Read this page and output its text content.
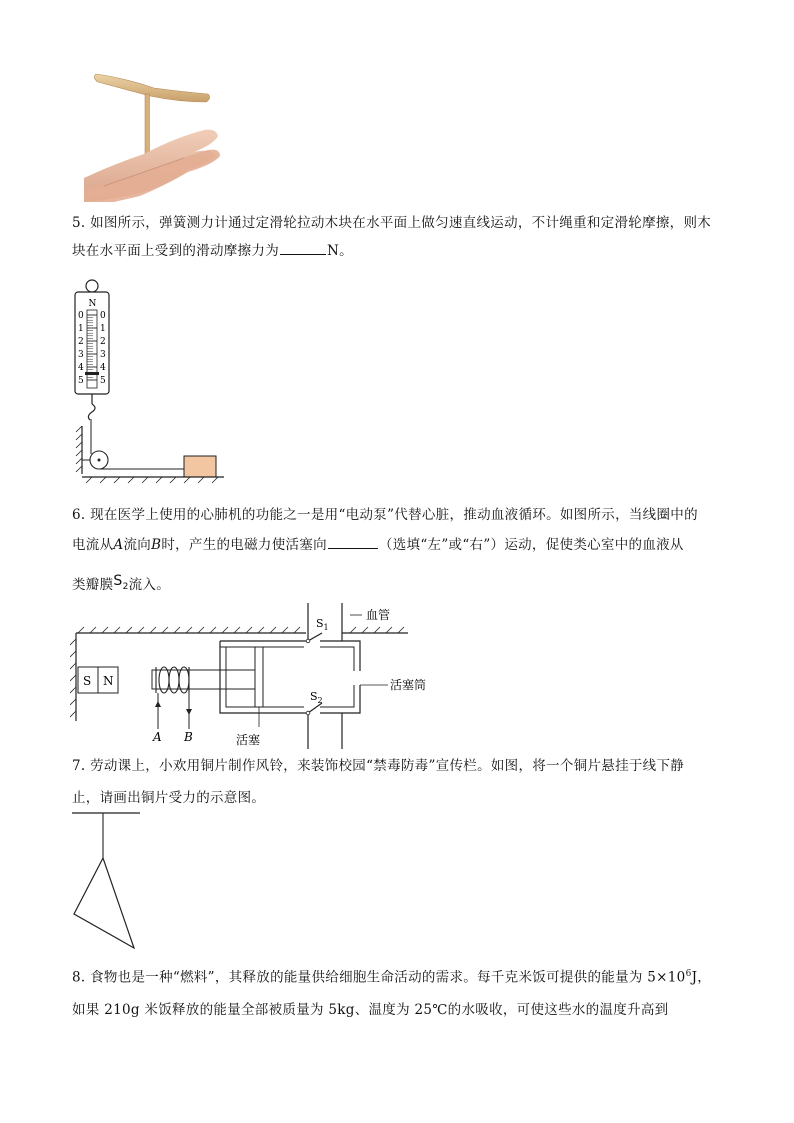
5. 如图所示，弹簧测力计通过定滑轮拉动木块在水平面上做匀速直线运动，不计绳重和定滑轮摩擦，则木块在水平面上受到的滑动摩擦力为	N。
N
0
1
2
3
4
5
0
1
2
3
4
5
6. 现在医学上使用的心肺机的功能之一是用“电动泵”代替心脏，推动血液循环。如图所示，当线圈中的
电流从A流向B时，产生的电磁力使活塞向	（选填“左”或“右”）运动，促使类心室中的血液从
类瓣膜$S_2$流入。
S N
A B
$S_1$
$S_2$
血管
活塞筒
活塞
7. 劳动课上，小欢用铜片制作风铃，来装饰校园“禁毒防毒”宣传栏。如图，将一个铜片悬挂于线下静
止，请画出铜片受力的示意图。
8. 食物也是一种“燃料”，其释放的能量供给细胞生命活动的需求。每千克米饭可提供的能量为 $5\times 10^6J$，
如果 210g 米饭释放的能量全部被质量为 5kg、温度为 25℃的水吸收，可使这些水的温度升高到
